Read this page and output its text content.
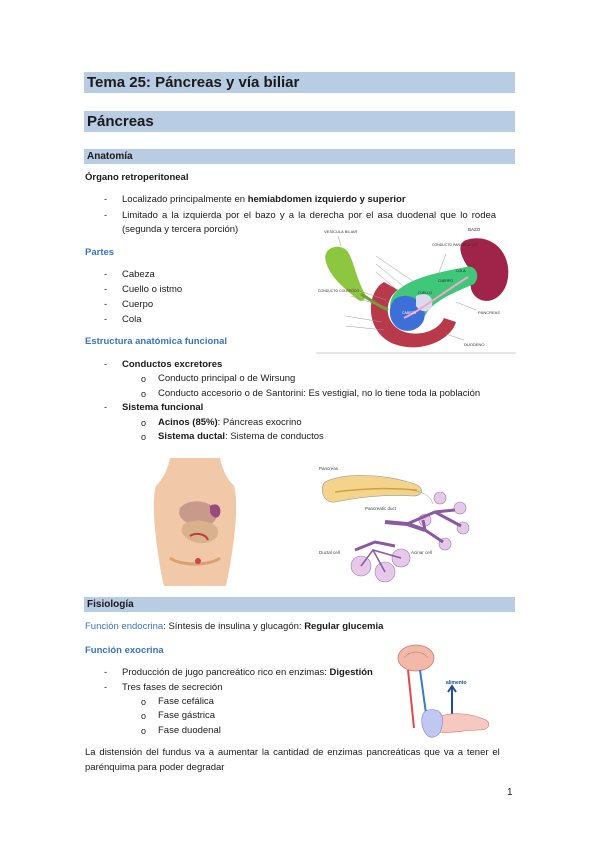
Tema 25: Páncreas y vía biliar
Páncreas
Anatomía
Órgano retroperitoneal
- Localizado principalmente en hemiabdomen izquierdo y superior
- Limitado a la izquierda por el bazo y a la derecha por el asa duodenal que lo rodea
(segunda y tercera porción)
Partes
- Cabeza
- Cuello o istmo
- Cuerpo
- Cola
VESÍCULA BILIAR	BAZO
CONDUCTO PANCREÁTICO
COLA
CUERPO
CUELLO
CABEZA	PÁNCREAS
DUODENO
CONDUCTO COLÉDOCO
Estructura anatómica funcional
- Conductos excretores
o Conducto principal o de Wirsung
o Conducto accesorio o de Santorini: Es vestigial, no lo tiene toda la población
- Sistema funcional
o Acinos (85%): Páncreas exocrino
o Sistema ductal: Sistema de conductos
Pancreas
Pancreatic duct
Ductal cell	Acinar cell
Fisiología
Función endocrina: Síntesis de insulina y glucagón: Regular glucemia
Función exocrina
- Producción de jugo pancreático rico en enzimas: Digestión
- Tres fases de secreción
o Fase cefálica
o Fase gástrica
o Fase duodenal
alimento
La distensión del fundus va a aumentar la cantidad de enzimas pancreáticas que va a tener el
parénquima para poder degradar
1
